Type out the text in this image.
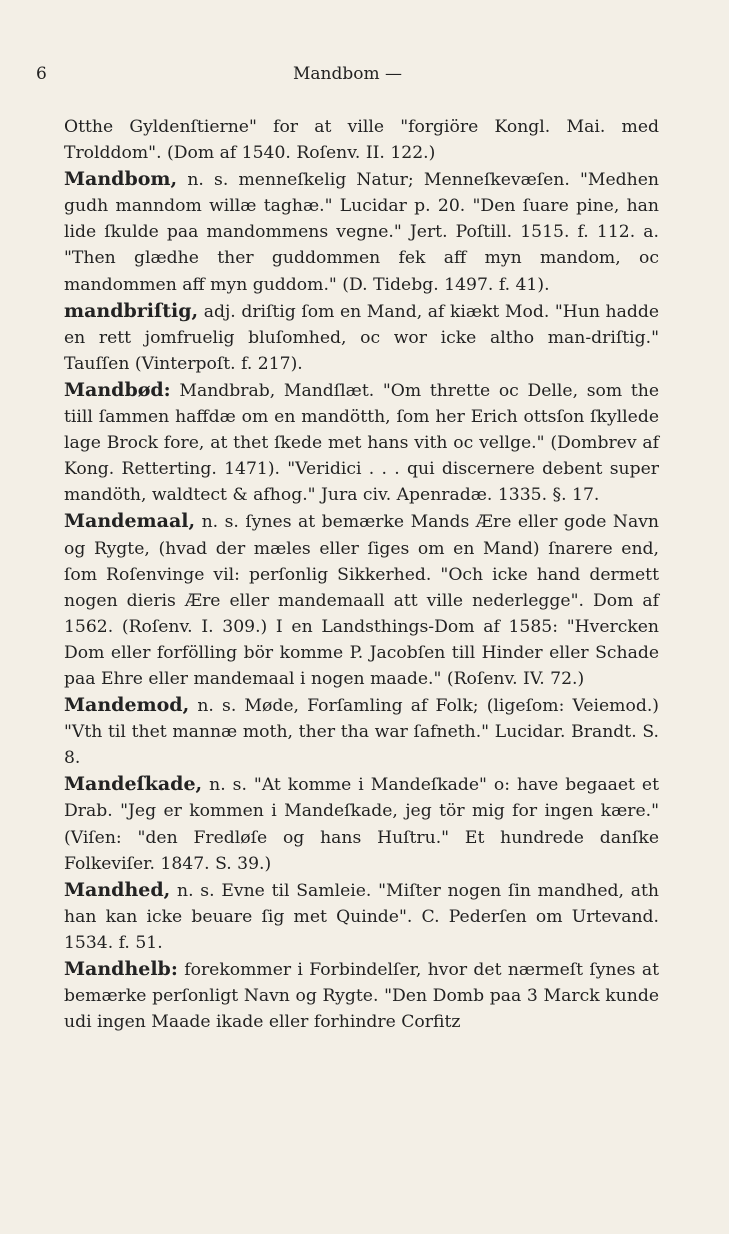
6	Mandbom —

Otthe Gyldenſtierne" for at ville "forgiöre Kongl. Mai. med Trolddom". (Dom af 1540. Roſenv. II. 122.)

Mandbom, n. s. menneſkelig Natur; Menneſkevæſen. "Medhen gudh manndom willæ taghæ." Lucidar p. 20. "Den ſuare pine, han lide ſkulde paa mandommens vegne." Jert. Poſtill. 1515. f. 112. a. "Then glædhe ther guddommen fek aff myn mandom, oc mandommen aff myn guddom." (D. Tidebg. 1497. f. 41).

mandbriſtig, adj. driſtig ſom en Mand, af kiækt Mod. "Hun hadde en rett jomfruelig bluſomhed, oc wor icke altho man-driſtig." Tauſſen (Vinterpoſt. f. 217).

Mandbød: Mandbrab, Mandſlæt. "Om thrette oc Delle, som the tiill ſammen haffdæ om en mandötth, ſom her Erich ottsſon ſkyllede lage Brock fore, at thet ſkede met hans vith oc vellge." (Dombrev af Kong. Retterting. 1471). "Veridici . . . qui discernere debent super mandöth, waldtect & afhog." Jura civ. Apenradæ. 1335. §. 17.

Mandemaal, n. s. ſynes at bemærke Mands Ære eller gode Navn og Rygte, (hvad der mæles eller ſiges om en Mand) ſnarere end, ſom Roſenvinge vil: perſonlig Sikkerhed. "Och icke hand dermett nogen dieris Ære eller mandemaall att ville nederlegge". Dom af 1562. (Roſenv. I. 309.) I en Landsthings-Dom af 1585: "Hvercken Dom eller forfölling bör komme P. Jacobſen till Hinder eller Schade paa Ehre eller mandemaal i nogen maade." (Roſenv. IV. 72.)

Mandemod, n. s. Møde, Forſamling af Folk; (ligeſom: Veiemod.) "Vth til thet mannæ moth, ther tha war ſafneth." Lucidar. Brandt. S. 8.

Mandeſkade, n. s. "At komme i Mandeſkade" o: have begaaet et Drab. "Jeg er kommen i Mandeſkade, jeg tör mig for ingen kære." (Viſen: "den Fredløſe og hans Huſtru." Et hundrede danſke Folkeviſer. 1847. S. 39.)

Mandhed, n. s. Evne til Samleie. "Miſter nogen ſin mandhed, ath han kan icke beuare ſig met Quinde". C. Pederſen om Urtevand. 1534. f. 51.

Mandhelb: forekommer i Forbindelſer, hvor det nærmeſt ſynes at bemærke perſonligt Navn og Rygte. "Den Domb paa 3 Marck kunde udi ingen Maade ikade eller forhindre Corfitz
